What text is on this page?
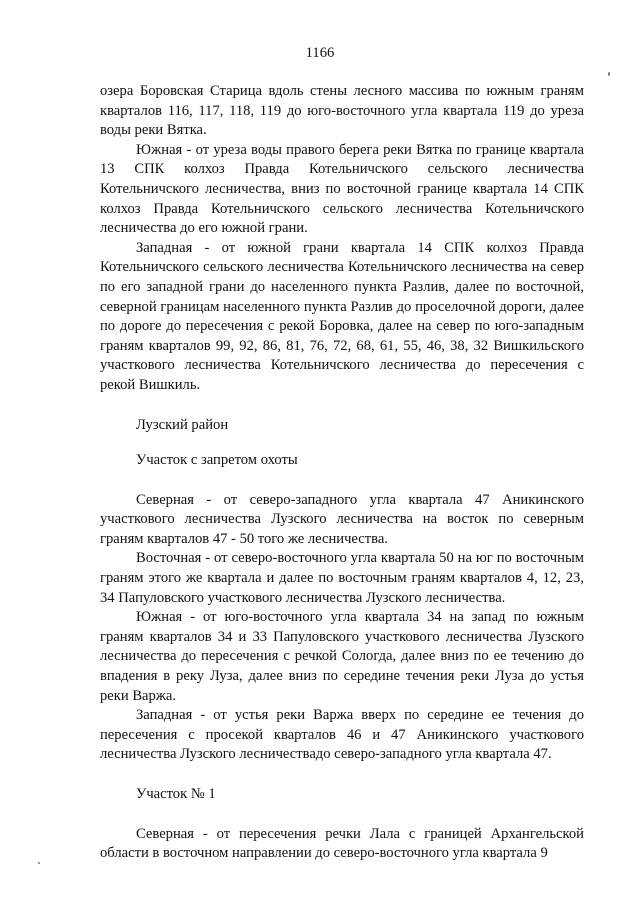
1166

озера Боровская Старица вдоль стены лесного массива по южным граням кварталов 116, 117, 118, 119 до юго-восточного угла квартала 119 до уреза воды реки Вятка.

Южная - от уреза воды правого берега реки Вятка по границе квартала 13 СПК колхоз Правда Котельничского сельского лесничества Котельничского лесничества, вниз по восточной границе квартала 14 СПК колхоз Правда Котельничского сельского лесничества Котельничского лесничества до его южной грани.

Западная - от южной грани квартала 14 СПК колхоз Правда Котельничского сельского лесничества Котельничского лесничества на север по его западной грани до населенного пункта Разлив, далее по восточной, северной границам населенного пункта Разлив до проселочной дороги, далее по дороге до пересечения с рекой Боровка, далее на север по юго-западным граням кварталов 99, 92, 86, 81, 76, 72, 68, 61, 55, 46, 38, 32 Вишкильского участкового лесничества Котельничского лесничества до пересечения с рекой Вишкиль.

Лузский район

Участок с запретом охоты

Северная - от северо-западного угла квартала 47 Аникинского участкового лесничества Лузского лесничества на восток по северным граням кварталов 47 - 50 того же лесничества.

Восточная - от северо-восточного угла квартала 50 на юг по восточным граням этого же квартала и далее по восточным граням кварталов 4, 12, 23, 34 Папуловского участкового лесничества Лузского лесничества.

Южная - от юго-восточного угла квартала 34 на запад по южным граням кварталов 34 и 33 Папуловского участкового лесничества Лузского лесничества до пересечения с речкой Сологда, далее вниз по ее течению до впадения в реку Луза, далее вниз по середине течения реки Луза до устья реки Варжа.

Западная - от устья реки Варжа вверх по середине ее течения до пересечения с просекой кварталов 46 и 47 Аникинского участкового лесничества Лузского лесничествадо северо-западного угла квартала 47.

Участок № 1

Северная - от пересечения речки Лала с границей Архангельской области в восточном направлении до северо-восточного угла квартала 9
